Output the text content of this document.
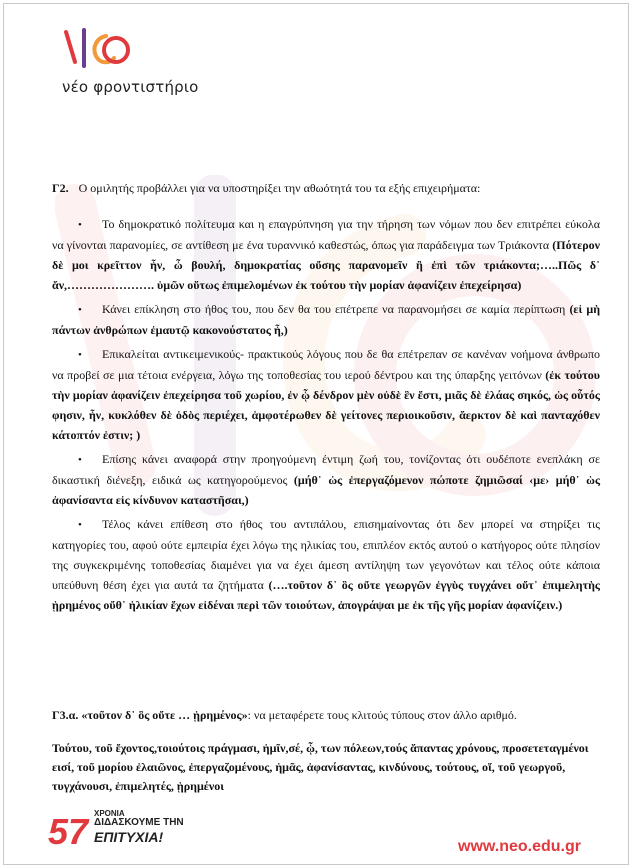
νέο φροντιστήριο
Γ2. Ο ομιλητής προβάλλει για να υποστηρίξει την αθωότητά του τα εξής επιχειρήματα:
• Το δημοκρατικό πολίτευμα και η επαγρύπνηση για την τήρηση των νόμων που δεν επιτρέπει εύκολα να γίνονται παρανομίες, σε αντίθεση με ένα τυραννικό καθεστώς, όπως για παράδειγμα των Τριάκοντα (Πότερον δὲ μοι κρεῖττον ἦν, ὦ βουλή, δημοκρατίας οὔσης παρανομεῖν ἢ ἐπὶ τῶν τριάκοντα;…..Πῶς δ᾽ ἄν,…………………. ὑμῶν οὕτως ἐπιμελομένων ἐκ τούτου τὴν μορίαν ἀφανίζειν ἐπεχείρησα)
• Κάνει επίκληση στο ήθος του, που δεν θα του επέτρεπε να παρανομήσει σε καμία περίπτωση (εἰ μὴ πάντων ἀνθρώπων ἐμαυτῷ κακονούστατος ἦ,)
• Επικαλείται αντικειμενικούς- πρακτικούς λόγους που δε θα επέτρεπαν σε κανέναν νοήμονα άνθρωπο να προβεί σε μια τέτοια ενέργεια, λόγω της τοποθεσίας του ιερού δέντρου και της ύπαρξης γειτόνων (ἐκ τούτου τὴν μορίαν ἀφανίζειν ἐπεχείρησα τοῦ χωρίου, ἐν ᾧ δένδρον μὲν οὐδὲ ἓν ἔστι, μιᾶς δὲ ἐλάας σηκός, ὡς οὗτός φησιν, ἦν, κυκλόθεν δὲ ὁδὸς περιέχει, ἀμφοτέρωθεν δὲ γείτονες περιοικοῦσιν, ἄερκτον δὲ καὶ πανταχόθεν κάτοπτόν ἐστιν; )
• Επίσης κάνει αναφορά στην προηγούμενη έντιμη ζωή του, τονίζοντας ότι ουδέποτε ενεπλάκη σε δικαστική διένεξη, ειδικά ως κατηγορούμενος (μήθ᾽ ὡς ἐπεργαζόμενον πώποτε ζημιῶσαί ‹με› μήθ᾽ ὡς ἀφανίσαντα εἰς κίνδυνον καταστῆσαι,)
• Τέλος κάνει επίθεση στο ήθος του αντιπάλου, επισημαίνοντας ότι δεν μπορεί να στηρίξει τις κατηγορίες του, αφού ούτε εμπειρία έχει λόγω της ηλικίας του, επιπλέον εκτός αυτού ο κατήγορος ούτε πλησίον της συγκεκριμένης τοποθεσίας διαμένει για να έχει άμεση αντίληψη των γεγονότων και τέλος ούτε κάποια υπεύθυνη θέση έχει για αυτά τα ζητήματα (….τοῦτον δ᾽ ὃς οὔτε γεωργῶν ἐγγὺς τυγχάνει οὔτ᾽ ἐπιμελητὴς ᾑρημένος οὔθ᾽ ἡλικίαν ἔχων εἰδέναι περὶ τῶν τοιούτων, ἀπογράψαι με ἐκ τῆς γῆς μορίαν ἀφανίζειν.)
Γ3.α. «τοῦτον δ᾽ ὃς οὔτε … ᾑρημένος»: να μεταφέρετε τους κλιτούς τύπους στον άλλο αριθμό.
Τούτου, τοῦ ἔχοντος,τοιούτοις πράγμασι, ἡμῖν,σέ, ᾧ, των πόλεων,τούς ἅπαντας χρόνους, προσετεταγμένοι εισί, τοῦ μορίου ἐλαιῶνος, ἐπεργαζομένους, ἡμᾶς, ἀφανίσαντας, κινδύνους, τούτους, οἵ, τοῦ γεωργοῦ, τυγχάνουσι, ἐπιμελητές, ᾑρημένοι
57 ΧΡΟΝΙΑ
ΔΙΔΑΣΚΟΥΜΕ ΤΗΝ
ΕΠΙΤΥΧΙΑ!
www.neo.edu.gr
